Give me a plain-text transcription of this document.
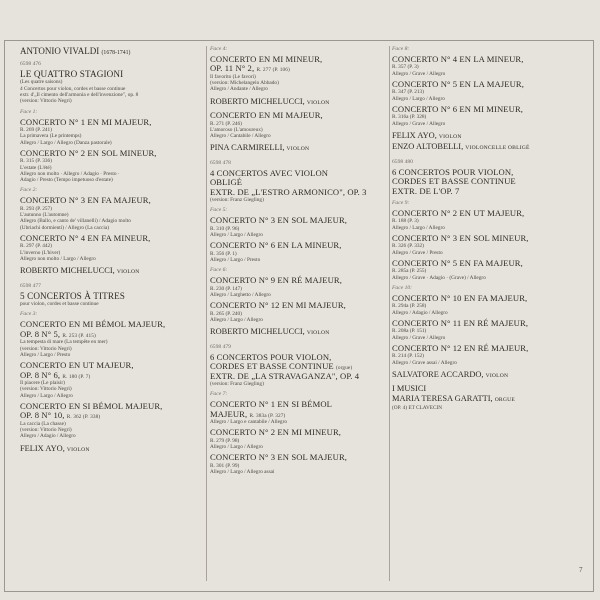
ANTONIO VIVALDI (1678-1741)
6598 476
LE QUATTRO STAGIONI
(Les quatre saisons)
4 Concertos pour violon, cordes et basse continue
extr. d'„Il cimento dell'armonia e dell'invenzione", op. 8
(version: Vittorio Negri)
Face 1:
CONCERTO N° 1 EN MI MAJEUR,
R. 269 (P. 241)
La primavera (Le printemps)
Allegro / Largo / Allegro (Danza pastorale)
CONCERTO N° 2 EN SOL MINEUR,
R. 315 (P. 336)
L'estate (L'été)
Allegro non molto · Allegro / Adagio · Presto ·
Adagio / Presto (Tempo impetuoso d'estate)
Face 2:
CONCERTO N° 3 EN FA MAJEUR,
R. 293 (P. 257)
L'autunno (L'automne)
Allegro (Ballo, e canto de' villanelli) / Adagio molto
(Ubriachi dormienti) / Allegro (La caccia)
CONCERTO N° 4 EN FA MINEUR,
R. 297 (P. 442)
L'inverno (L'hiver)
Allegro non molto / Largo / Allegro
ROBERTO MICHELUCCI, VIOLON
6598 477
5 CONCERTOS À TITRES
pour violon, cordes et basse continue
Face 3:
CONCERTO EN MI BÉMOL MAJEUR,
OP. 8 N° 5, R. 253 (P. 415)
La tempesta di mare (La tempête en mer)
(version: Vittorio Negri)
Allegro / Largo / Presto
CONCERTO EN UT MAJEUR,
OP. 8 N° 6, R. 180 (P. 7)
Il piacere (Le plaisir)
(version: Vittorio Negri)
Allegro / Largo / Allegro
CONCERTO EN SI BÉMOL MAJEUR,
OP. 8 N° 10, R. 362 (P. 338)
La caccia (La chasse)
(version: Vittorio Negri)
Allegro / Adagio / Allegro
FELIX AYO, VIOLON
Face 4:
CONCERTO EN MI MINEUR,
OP. 11 N° 2, R. 277 (P. 106)
Il favorito (Le favori)
(version: Michelangelo Abbado)
Allegro / Andante / Allegro
ROBERTO MICHELUCCI, VIOLON
CONCERTO EN MI MAJEUR,
R. 271 (P. 246)
L'amoroso (L'amoureux)
Allegro / Cantabile / Allegro
PINA CARMIRELLI, VIOLON
6598 478
4 CONCERTOS AVEC VIOLON
OBLIGÉ
EXTR. DE „L'ESTRO ARMONICO", OP. 3
(version: Franz Giegling)
Face 5:
CONCERTO N° 3 EN SOL MAJEUR,
R. 310 (P. 96)
Allegro / Largo / Allegro
CONCERTO N° 6 EN LA MINEUR,
R. 356 (P. 1)
Allegro / Largo / Presto
Face 6:
CONCERTO N° 9 EN RÉ MAJEUR,
R. 230 (P. 147)
Allegro / Larghetto / Allegro
CONCERTO N° 12 EN MI MAJEUR,
R. 265 (P. 240)
Allegro / Largo / Allegro
ROBERTO MICHELUCCI, VIOLON
6598 479
6 CONCERTOS POUR VIOLON,
CORDES ET BASSE CONTINUE (orgue)
EXTR. DE „LA STRAVAGANZA", OP. 4
(version: Franz Giegling)
Face 7:
CONCERTO N° 1 EN SI BÉMOL
MAJEUR, R. 383a (P. 327)
Allegro / Largo e cantabile / Allegro
CONCERTO N° 2 EN MI MINEUR,
R. 279 (P. 98)
Allegro / Largo / Allegro
CONCERTO N° 3 EN SOL MAJEUR,
R. 301 (P. 99)
Allegro / Largo / Allegro assai
Face 8:
CONCERTO N° 4 EN LA MINEUR,
R. 357 (P. 3)
Allegro / Grave / Allegro
CONCERTO N° 5 EN LA MAJEUR,
R. 347 (P. 213)
Allegro / Largo / Allegro
CONCERTO N° 6 EN MI MINEUR,
R. 316a (P. 328)
Allegro / Grave / Allegro
FELIX AYO, VIOLON
ENZO ALTOBELLI, VIOLONCELLE OBLIGÉ
6598 480
6 CONCERTOS POUR VIOLON,
CORDES ET BASSE CONTINUE
EXTR. DE L'OP. 7
Face 9:
CONCERTO N° 2 EN UT MAJEUR,
R. 188 (P. 3)
Allegro / Largo / Allegro
CONCERTO N° 3 EN SOL MINEUR,
R. 326 (P. 332)
Allegro / Grave / Presto
CONCERTO N° 5 EN FA MAJEUR,
R. 285a (P. 255)
Allegro / Grave · Adagio · (Grave) / Allegro
Face 10:
CONCERTO N° 10 EN FA MAJEUR,
R. 294a (P. 258)
Allegro / Adagio / Allegro
CONCERTO N° 11 EN RÉ MAJEUR,
R. 208a (P. 151)
Allegro / Grave / Allegro
CONCERTO N° 12 EN RÉ MAJEUR,
R. 214 (P. 152)
Allegro / Grave assai / Allegro
SALVATORE ACCARDO, VIOLON
I MUSICI
MARIA TERESA GARATTI, ORGUE
(OP. 4) ET CLAVECIN
7
